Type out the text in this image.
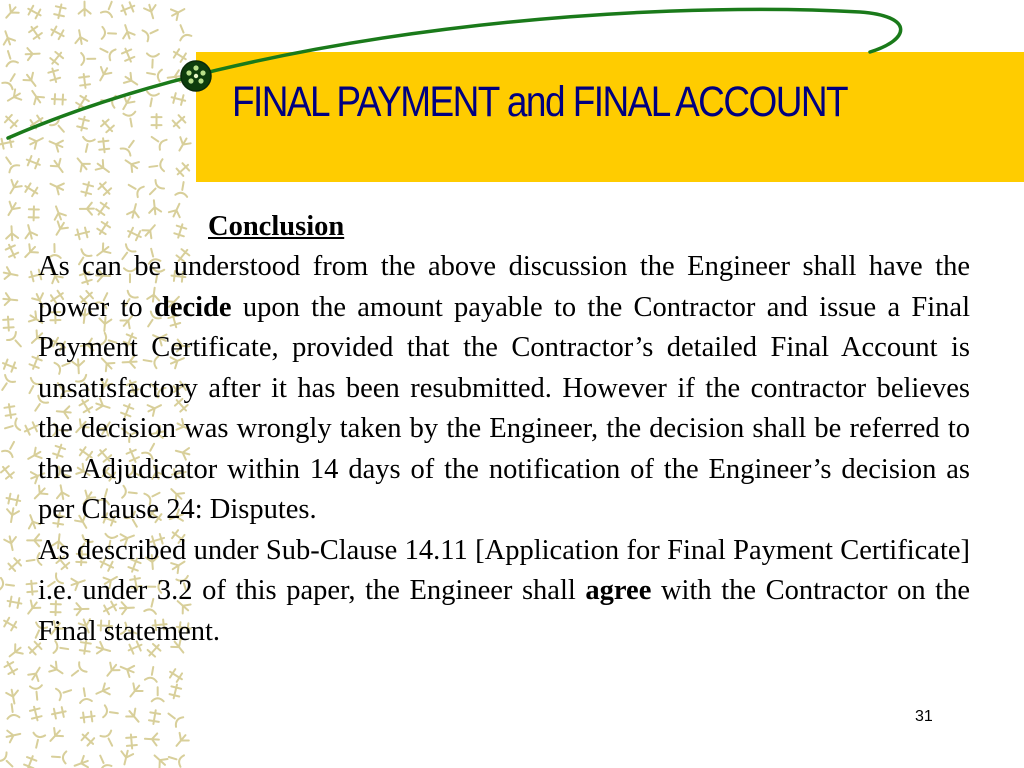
FINAL PAYMENT and FINAL ACCOUNT

Conclusion

As can be understood from the above discussion the Engineer shall have the power to decide upon the amount payable to the Contractor and issue a Final Payment Certificate, provided that the Contractor’s detailed Final Account is unsatisfactory after it has been resubmitted. However if the contractor believes the decision was wrongly taken by the Engineer, the decision shall be referred to the Adjudicator within 14 days of the notification of the Engineer’s decision as per Clause 24: Disputes.

As described under Sub-Clause 14.11 [Application for Final Payment Certificate] i.e. under 3.2 of this paper, the Engineer shall agree with the Contractor on the Final statement.

31
